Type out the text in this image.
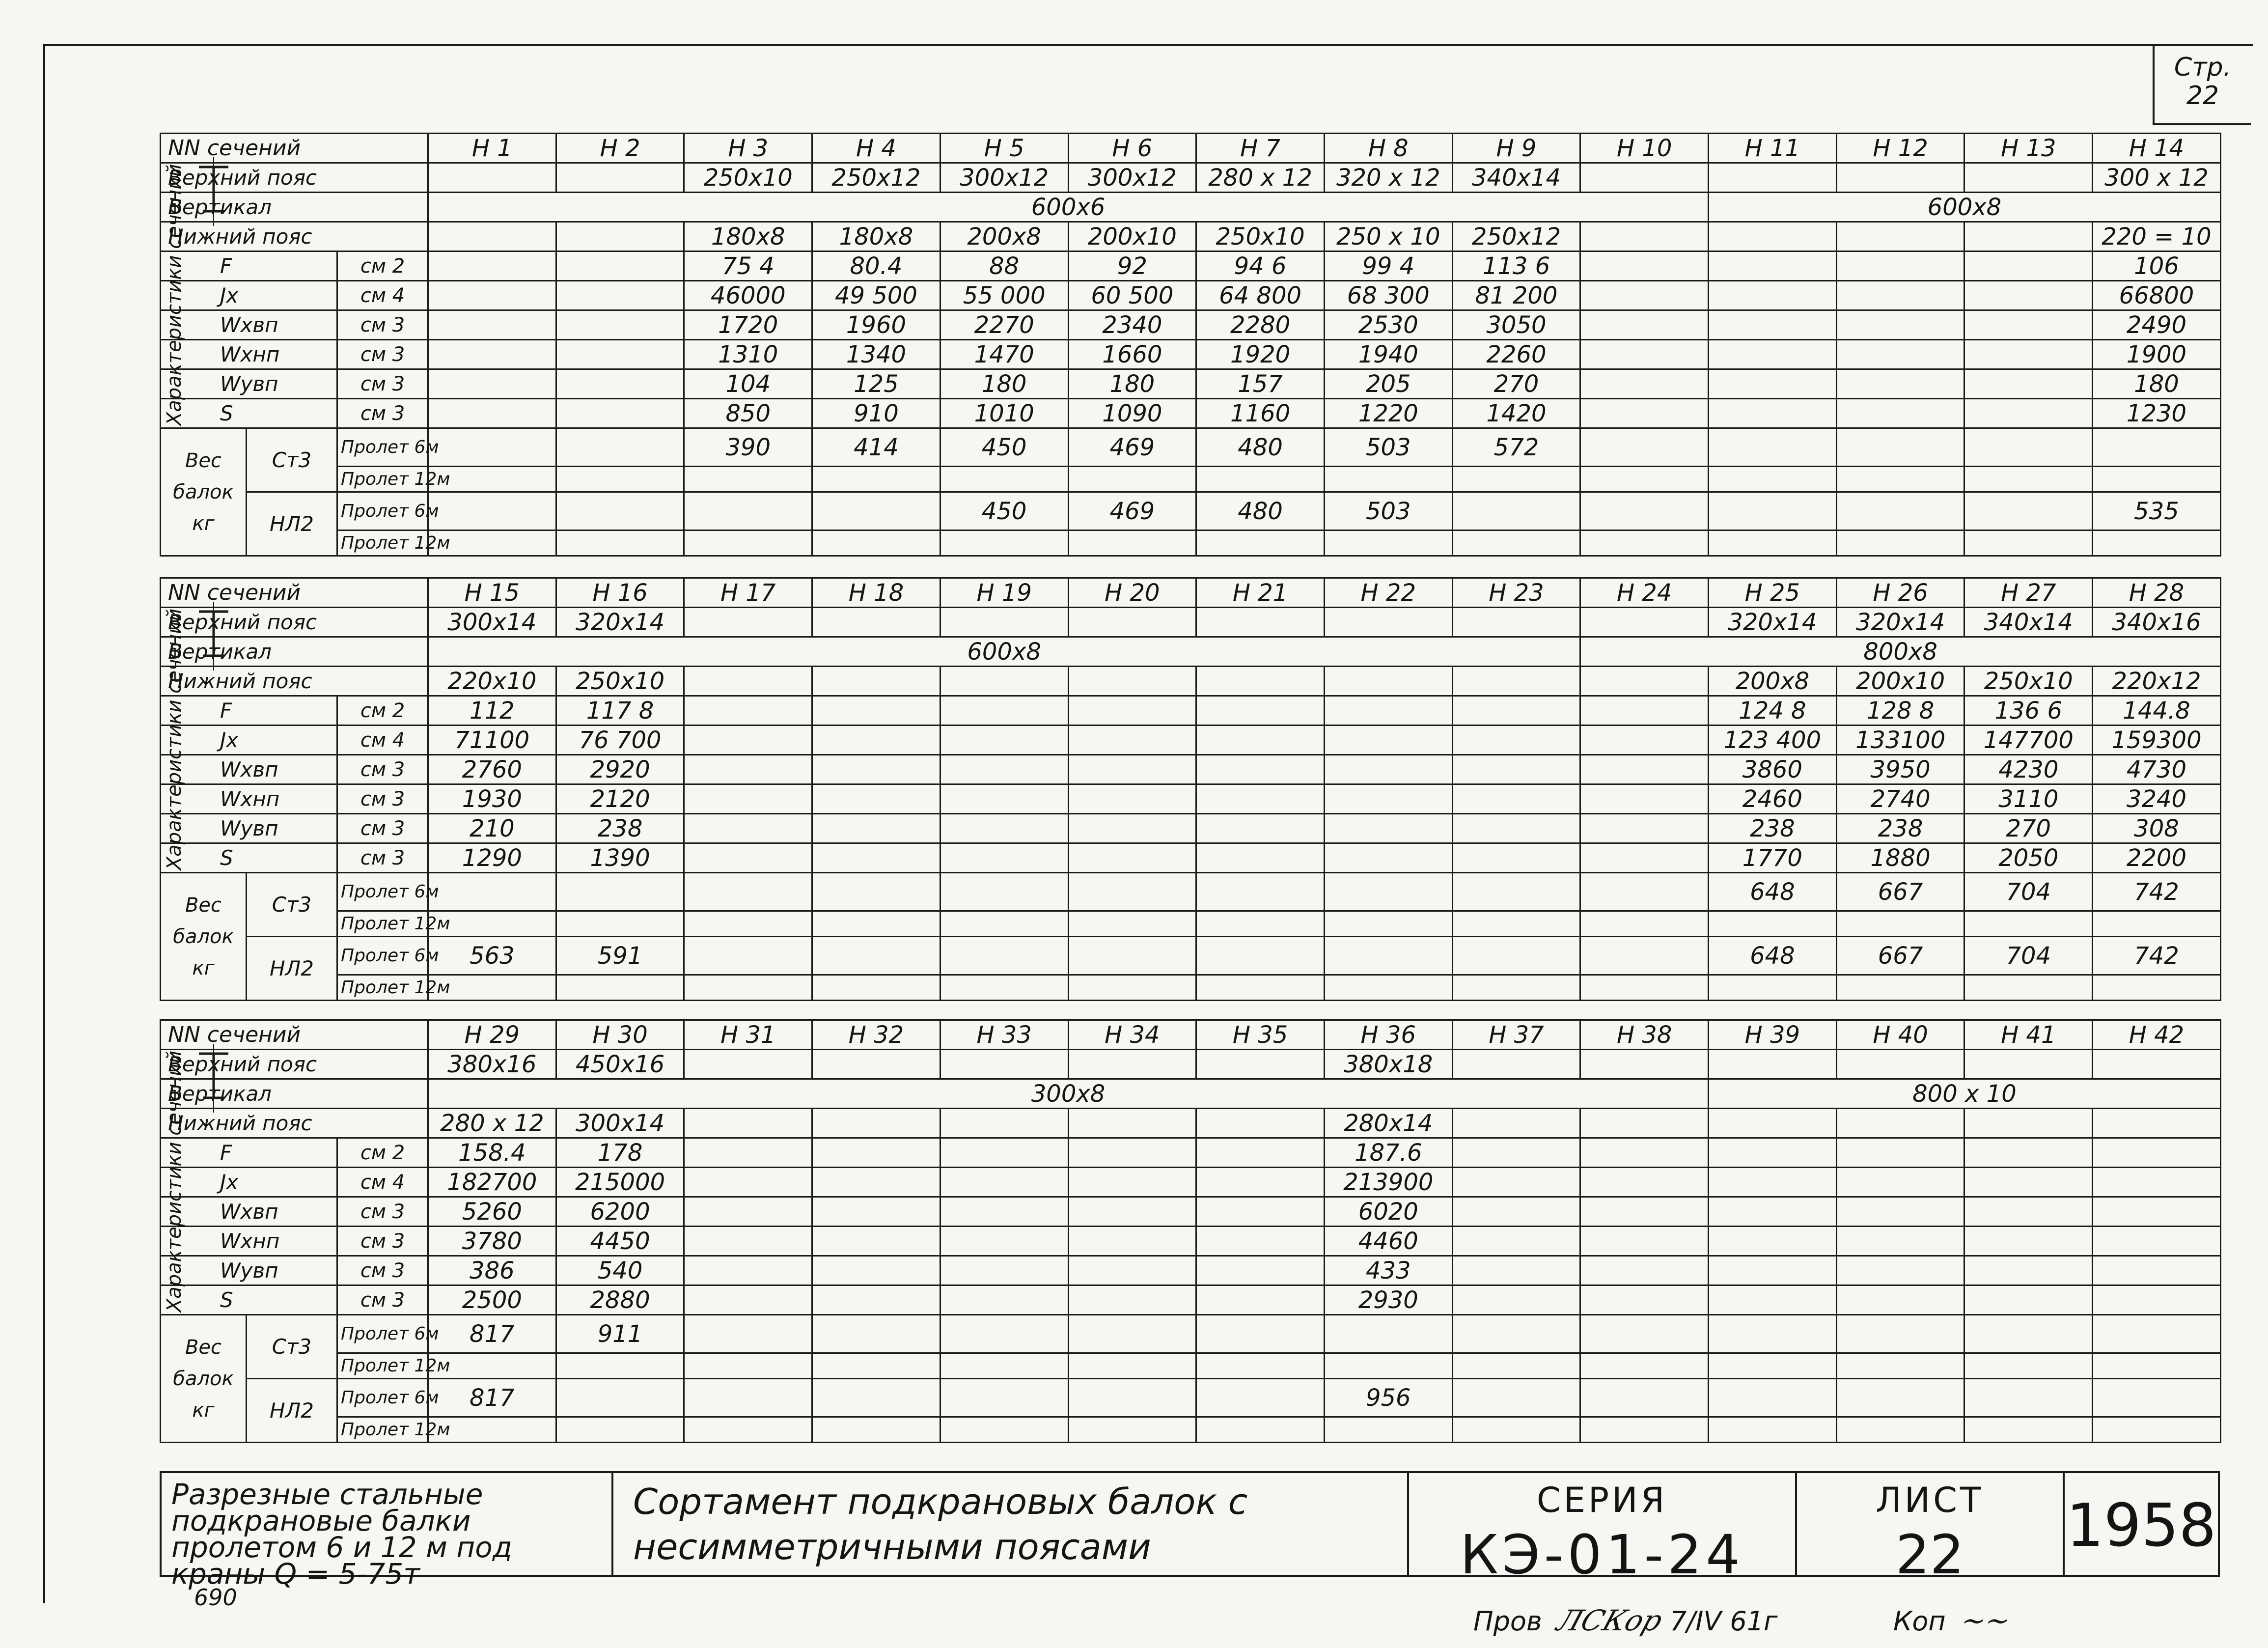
Стр.
22
NN сечений			Н 1	Н 2	Н 3	Н 4	Н 5	Н 6	Н 7	Н 8	Н 9	Н 10	Н 11	Н 12	Н 13	Н 14
Верхний пояс					250х10	250х12	300х12	300х12	280 х 12	320 х 12	340х14					300 х 12
Вертикал			600х6										600х8			
Нижний пояс					180х8	180х8	200х8	200х10	250х10	250 х 10	250х12					220 = 10
F		см 2			75 4	80.4	88	92	94 6	99 4	113 6					106
Jx		см 4			46000	49 500	55 000	60 500	64 800	68 300	81 200					66800
Wxвп		см 3			1720	1960	2270	2340	2280	2530	3050					2490
Wxнп		см 3			1310	1340	1470	1660	1920	1940	2260					1900
Wyвп		см 3			104	125	180	180	157	205	270					180
S		см 3			850	910	1010	1090	1160	1220	1420					1230

Вес
балок
кг	Ст3	Пролет 6м			390	414	450	469	480	503	572					
		Пролет 12м														
	НЛ2	Пролет 6м					450	469	480	503						535
		Пролет 12м														
Характеристики сечений
NN сечений			Н 15	Н 16	Н 17	Н 18	Н 19	Н 20	Н 21	Н 22	Н 23	Н 24	Н 25	Н 26	Н 27	Н 28
Верхний пояс			300х14	320х14									320х14	320х14	340х14	340х16
Вертикал			600х8									800х8				
Нижний пояс			220х10	250х10									200х8	200х10	250х10	220х12
F		см 2	112	117 8									124 8	128 8	136 6	144.8
Jx		см 4	71100	76 700									123 400	133100	147700	159300
Wxвп		см 3	2760	2920									3860	3950	4230	4730
Wxнп		см 3	1930	2120									2460	2740	3110	3240
Wyвп		см 3	210	238									238	238	270	308
S		см 3	1290	1390									1770	1880	2050	2200

Вес
балок
кг	Ст3	Пролет 6м											648	667	704	742
		Пролет 12м														
	НЛ2	Пролет 6м	563	591									648	667	704	742
		Пролет 12м														
Характеристики сечений
NN сечений			Н 29	Н 30	Н 31	Н 32	Н 33	Н 34	Н 35	Н 36	Н 37	Н 38	Н 39	Н 40	Н 41	Н 42
Верхний пояс			380х16	450х16						380х18						
Вертикал			300х8										800 х 10			
Нижний пояс			280 х 12	300х14						280х14						
F		см 2	158.4	178						187.6						
Jx		см 4	182700	215000						213900						
Wxвп		см 3	5260	6200						6020						
Wxнп		см 3	3780	4450						4460						
Wyвп		см 3	386	540						433						
S		см 3	2500	2880						2930						

Вес
балок
кг	Ст3	Пролет 6м	817	911												
		Пролет 12м														
	НЛ2	Пролет 6м	817							956						
		Пролет 12м														
Характеристики сечений
Разрезные стальные подкрановые балки пролетом 6 и 12 м под краны Q = 5-75т
Сортамент подкрановых балок с несимметричными поясами
СЕРИЯ
КЭ-01-24
ЛИСТ
22	1958
690
Пров ЛСКор 7/IV 61г	Коп ~~
